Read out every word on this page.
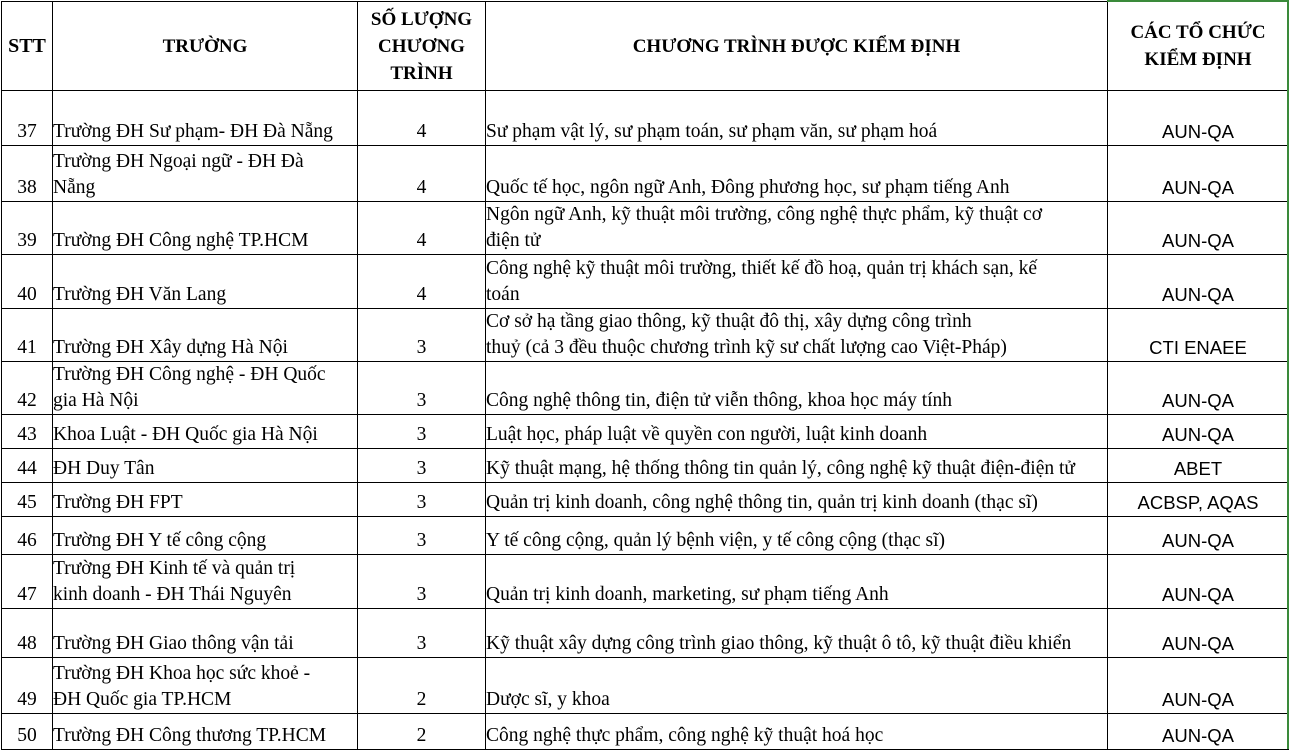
STT	TRƯỜNG	SỐ LƯỢNG
CHƯƠNG
TRÌNH	CHƯƠNG TRÌNH ĐƯỢC KIỂM ĐỊNH	CÁC TỔ CHỨC
KIỂM ĐỊNH

37	Trường ĐH Sư phạm- ĐH Đà Nẵng	4	Sư phạm vật lý, sư phạm toán, sư phạm văn, sư phạm hoá	AUN-QA
38	Trường ĐH Ngoại ngữ - ĐH Đà
Nẵng	4	Quốc tế học, ngôn ngữ Anh, Đông phương học, sư phạm tiếng Anh	AUN-QA
39	Trường ĐH Công nghệ TP.HCM	4	Ngôn ngữ Anh, kỹ thuật môi trường, công nghệ thực phẩm, kỹ thuật cơ
điện tử	AUN-QA
40	Trường ĐH Văn Lang	4	Công nghệ kỹ thuật môi trường, thiết kế đồ hoạ, quản trị khách sạn, kế
toán	AUN-QA
41	Trường ĐH Xây dựng Hà Nội	3	Cơ sở hạ tầng giao thông, kỹ thuật đô thị, xây dựng công trình
thuỷ (cả 3 đều thuộc chương trình kỹ sư chất lượng cao Việt-Pháp)	CTI ENAEE
42	Trường ĐH Công nghệ - ĐH Quốc
gia Hà Nội	3	Công nghệ thông tin, điện tử viễn thông, khoa học máy tính	AUN-QA
43	Khoa Luật - ĐH Quốc gia Hà Nội	3	Luật học, pháp luật về quyền con người, luật kinh doanh	AUN-QA
44	ĐH Duy Tân	3	Kỹ thuật mạng, hệ thống thông tin quản lý, công nghệ kỹ thuật điện-điện tử	ABET
45	Trường ĐH FPT	3	Quản trị kinh doanh, công nghệ thông tin, quản trị kinh doanh (thạc sĩ)	ACBSP, AQAS
46	Trường ĐH Y tế công cộng	3	Y tế công cộng, quản lý bệnh viện, y tế công cộng (thạc sĩ)	AUN-QA
47	Trường ĐH Kinh tế và quản trị
kinh doanh - ĐH Thái Nguyên	3	Quản trị kinh doanh, marketing, sư phạm tiếng Anh	AUN-QA
48	Trường ĐH Giao thông vận tải	3	Kỹ thuật xây dựng công trình giao thông, kỹ thuật ô tô, kỹ thuật điều khiển	AUN-QA
49	Trường ĐH Khoa học sức khoẻ -
ĐH Quốc gia TP.HCM	2	Dược sĩ, y khoa	AUN-QA
50	Trường ĐH Công thương TP.HCM	2	Công nghệ thực phẩm, công nghệ kỹ thuật hoá học	AUN-QA
